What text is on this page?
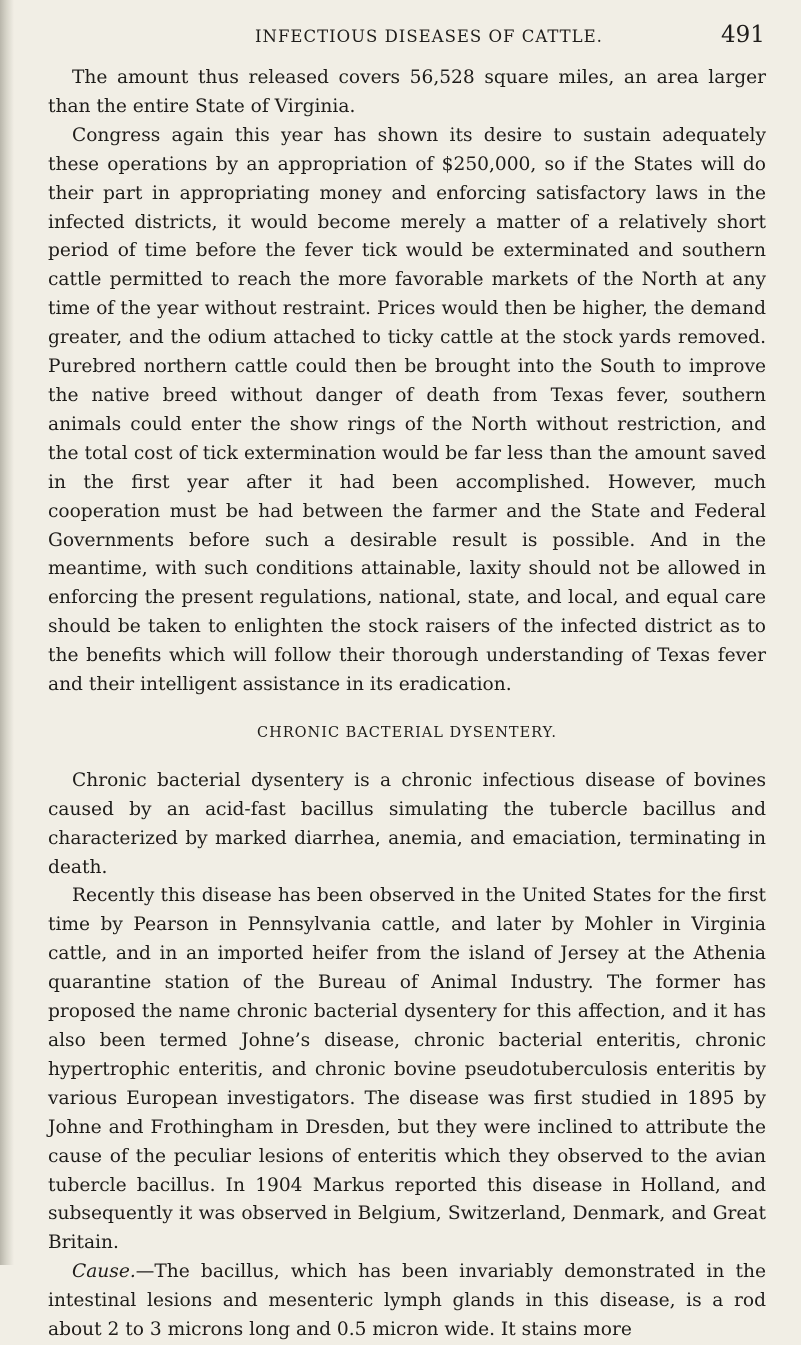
INFECTIOUS DISEASES OF CATTLE.	491

The amount thus released covers 56,528 square miles, an area larger than the entire State of Virginia.

Congress again this year has shown its desire to sustain adequately these operations by an appropriation of $250,000, so if the States will do their part in appropriating money and enforcing satisfactory laws in the infected districts, it would become merely a matter of a relatively short period of time before the fever tick would be exterminated and southern cattle permitted to reach the more favorable markets of the North at any time of the year without restraint. Prices would then be higher, the demand greater, and the odium attached to ticky cattle at the stock yards removed. Purebred northern cattle could then be brought into the South to improve the native breed without danger of death from Texas fever, southern animals could enter the show rings of the North without restriction, and the total cost of tick extermination would be far less than the amount saved in the first year after it had been accomplished. However, much cooperation must be had between the farmer and the State and Federal Governments before such a desirable result is possible. And in the meantime, with such conditions attainable, laxity should not be allowed in enforcing the present regulations, national, state, and local, and equal care should be taken to enlighten the stock raisers of the infected district as to the benefits which will follow their thorough understanding of Texas fever and their intelligent assistance in its eradication.

CHRONIC BACTERIAL DYSENTERY.

Chronic bacterial dysentery is a chronic infectious disease of bovines caused by an acid-fast bacillus simulating the tubercle bacillus and characterized by marked diarrhea, anemia, and emaciation, terminating in death.

Recently this disease has been observed in the United States for the first time by Pearson in Pennsylvania cattle, and later by Mohler in Virginia cattle, and in an imported heifer from the island of Jersey at the Athenia quarantine station of the Bureau of Animal Industry. The former has proposed the name chronic bacterial dysentery for this affection, and it has also been termed Johne’s disease, chronic bacterial enteritis, chronic hypertrophic enteritis, and chronic bovine pseudotuberculosis enteritis by various European investigators. The disease was first studied in 1895 by Johne and Frothingham in Dresden, but they were inclined to attribute the cause of the peculiar lesions of enteritis which they observed to the avian tubercle bacillus. In 1904 Markus reported this disease in Holland, and subsequently it was observed in Belgium, Switzerland, Denmark, and Great Britain.

Cause.—The bacillus, which has been invariably demonstrated in the intestinal lesions and mesenteric lymph glands in this disease, is a rod about 2 to 3 microns long and 0.5 micron wide. It stains more
